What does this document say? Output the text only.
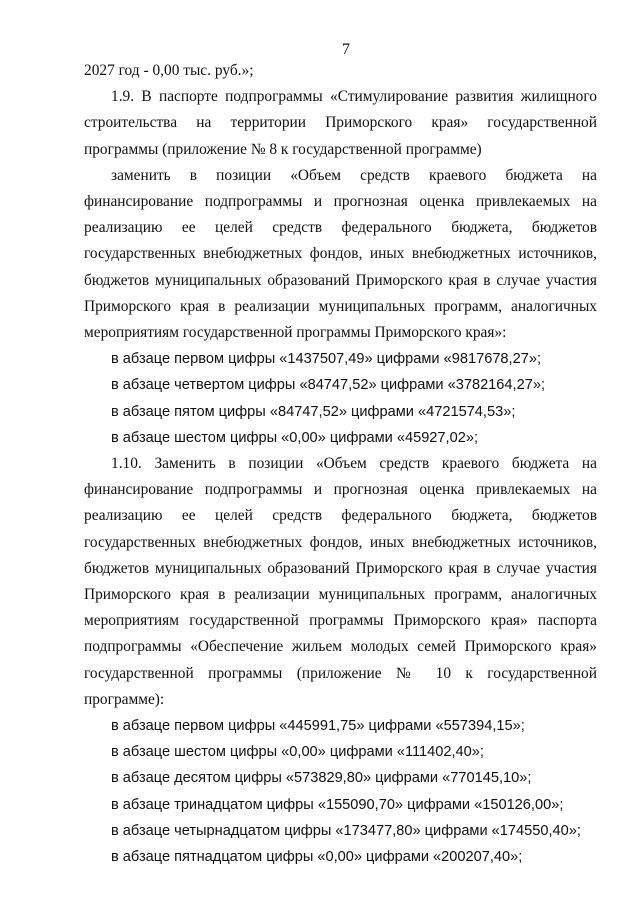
7

2027 год - 0,00 тыс. руб.»;

1.9. В паспорте подпрограммы «Стимулирование развития жилищного строительства на территории Приморского края» государственной программы (приложение № 8 к государственной программе)

заменить в позиции «Объем средств краевого бюджета на финансирование подпрограммы и прогнозная оценка привлекаемых на реализацию ее целей средств федерального бюджета, бюджетов государственных внебюджетных фондов, иных внебюджетных источников, бюджетов муниципальных образований Приморского края в случае участия Приморского края в реализации муниципальных программ, аналогичных мероприятиям государственной программы Приморского края»:

в абзаце первом цифры «1437507,49» цифрами «9817678,27»;

в абзаце четвертом цифры «84747,52» цифрами «3782164,27»;

в абзаце пятом цифры «84747,52» цифрами «4721574,53»;

в абзаце шестом цифры «0,00» цифрами «45927,02»;

1.10. Заменить в позиции «Объем средств краевого бюджета на финансирование подпрограммы и прогнозная оценка привлекаемых на реализацию ее целей средств федерального бюджета, бюджетов государственных внебюджетных фондов, иных внебюджетных источников, бюджетов муниципальных образований Приморского края в случае участия Приморского края в реализации муниципальных программ, аналогичных мероприятиям государственной программы Приморского края» паспорта подпрограммы «Обеспечение жильем молодых семей Приморского края» государственной программы (приложение № 10 к государственной программе):

в абзаце первом цифры «445991,75» цифрами «557394,15»;

в абзаце шестом цифры «0,00» цифрами «111402,40»;

в абзаце десятом цифры «573829,80» цифрами «770145,10»;

в абзаце тринадцатом цифры «155090,70» цифрами «150126,00»;

в абзаце четырнадцатом цифры «173477,80» цифрами «174550,40»;

в абзаце пятнадцатом цифры «0,00» цифрами «200207,40»;
